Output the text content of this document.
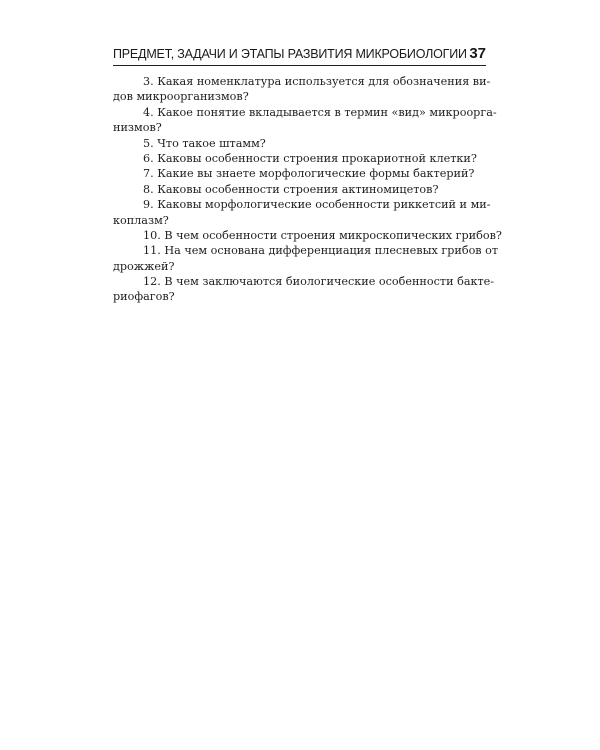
ПРЕДМЕТ, ЗАДАЧИ И ЭТАПЫ РАЗВИТИЯ МИКРОБИОЛОГИИ 37
3. Какая номенклатура используется для обозначения ви-
дов микроорганизмов?
4. Какое понятие вкладывается в термин «вид» микроорга-
низмов?
5. Что такое штамм?
6. Каковы особенности строения прокариотной клетки?
7. Какие вы знаете морфологические формы бактерий?
8. Каковы особенности строения актиномицетов?
9. Каковы морфологические особенности риккетсий и ми-
коплазм?
10. В чем особенности строения микроскопических грибов?
11. На чем основана дифференциация плесневых грибов от
дрожжей?
12. В чем заключаются биологические особенности бакте-
риофагов?
